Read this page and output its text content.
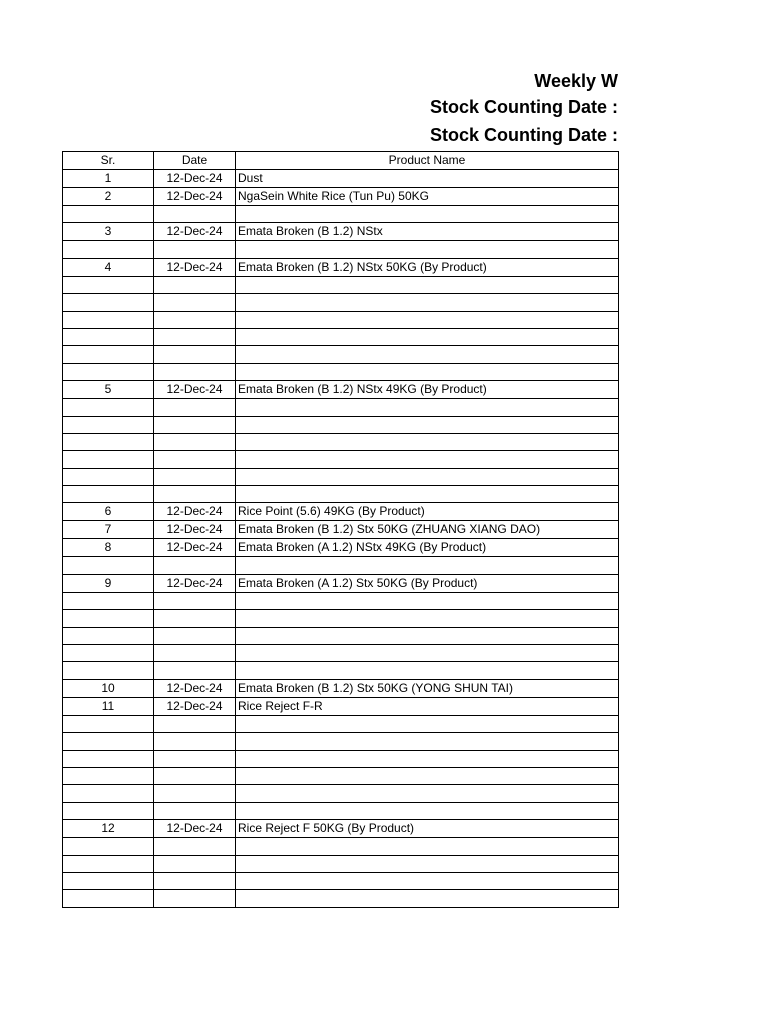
Weekly W
Stock Counting Date :
Stock Counting Date :
Sr.	Date	Product Name
1	12-Dec-24	Dust
2	12-Dec-24	NgaSein White Rice (Tun Pu) 50KG

3	12-Dec-24	Emata Broken (B 1.2) NStx

4	12-Dec-24	Emata Broken (B 1.2) NStx 50KG (By Product)

5	12-Dec-24	Emata Broken (B 1.2) NStx 49KG (By Product)

6	12-Dec-24	Rice Point (5.6) 49KG (By Product)
7	12-Dec-24	Emata Broken (B 1.2) Stx 50KG (ZHUANG XIANG DAO)
8	12-Dec-24	Emata Broken (A 1.2) NStx 49KG (By Product)

9	12-Dec-24	Emata Broken (A 1.2) Stx 50KG (By Product)

10	12-Dec-24	Emata Broken (B 1.2) Stx 50KG (YONG SHUN TAI)
11	12-Dec-24	Rice Reject F-R

12	12-Dec-24	Rice Reject F 50KG (By Product)
